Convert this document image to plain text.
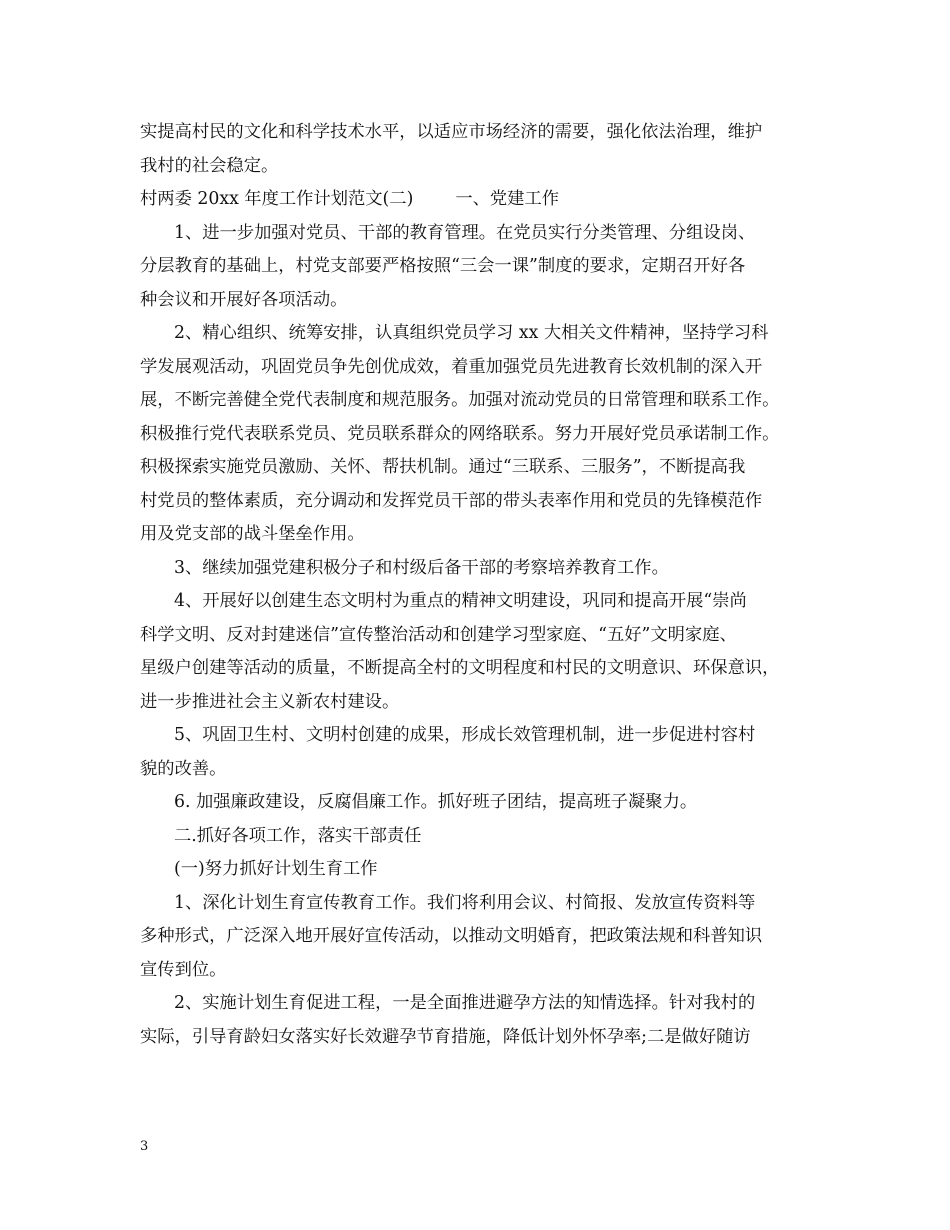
实提高村民的文化和科学技术水平，以适应市场经济的需要，强化依法治理，维护
我村的社会稳定。
村两委 20xx 年度工作计划范文(二) 一、党建工作
1、进一步加强对党员、干部的教育管理。在党员实行分类管理、分组设岗、
分层教育的基础上，村党支部要严格按照“三会一课”制度的要求，定期召开好各
种会议和开展好各项活动。
2、精心组织、统筹安排，认真组织党员学习 xx 大相关文件精神，坚持学习科
学发展观活动，巩固党员争先创优成效，着重加强党员先进教育长效机制的深入开
展，不断完善健全党代表制度和规范服务。加强对流动党员的日常管理和联系工作。
积极推行党代表联系党员、党员联系群众的网络联系。努力开展好党员承诺制工作。
积极探索实施党员激励、关怀、帮扶机制。通过“三联系、三服务”，不断提高我
村党员的整体素质，充分调动和发挥党员干部的带头表率作用和党员的先锋模范作
用及党支部的战斗堡垒作用。
3、继续加强党建积极分子和村级后备干部的考察培养教育工作。
4、开展好以创建生态文明村为重点的精神文明建设，巩同和提高开展“崇尚
科学文明、反对封建迷信”宣传整治活动和创建学习型家庭、“五好”文明家庭、
星级户创建等活动的质量，不断提高全村的文明程度和村民的文明意识、环保意识，
进一步推进社会主义新农村建设。
5、巩固卫生村、文明村创建的成果，形成长效管理机制，进一步促进村容村
貌的改善。
6. 加强廉政建设，反腐倡廉工作。抓好班子团结，提高班子凝聚力。
二.抓好各项工作，落实干部责任
(一)努力抓好计划生育工作
1、深化计划生育宣传教育工作。我们将利用会议、村简报、发放宣传资料等
多种形式，广泛深入地开展好宣传活动，以推动文明婚育，把政策法规和科普知识
宣传到位。
2、实施计划生育促进工程，一是全面推进避孕方法的知情选择。针对我村的
实际，引导育龄妇女落实好长效避孕节育措施，降低计划外怀孕率;二是做好随访
3
